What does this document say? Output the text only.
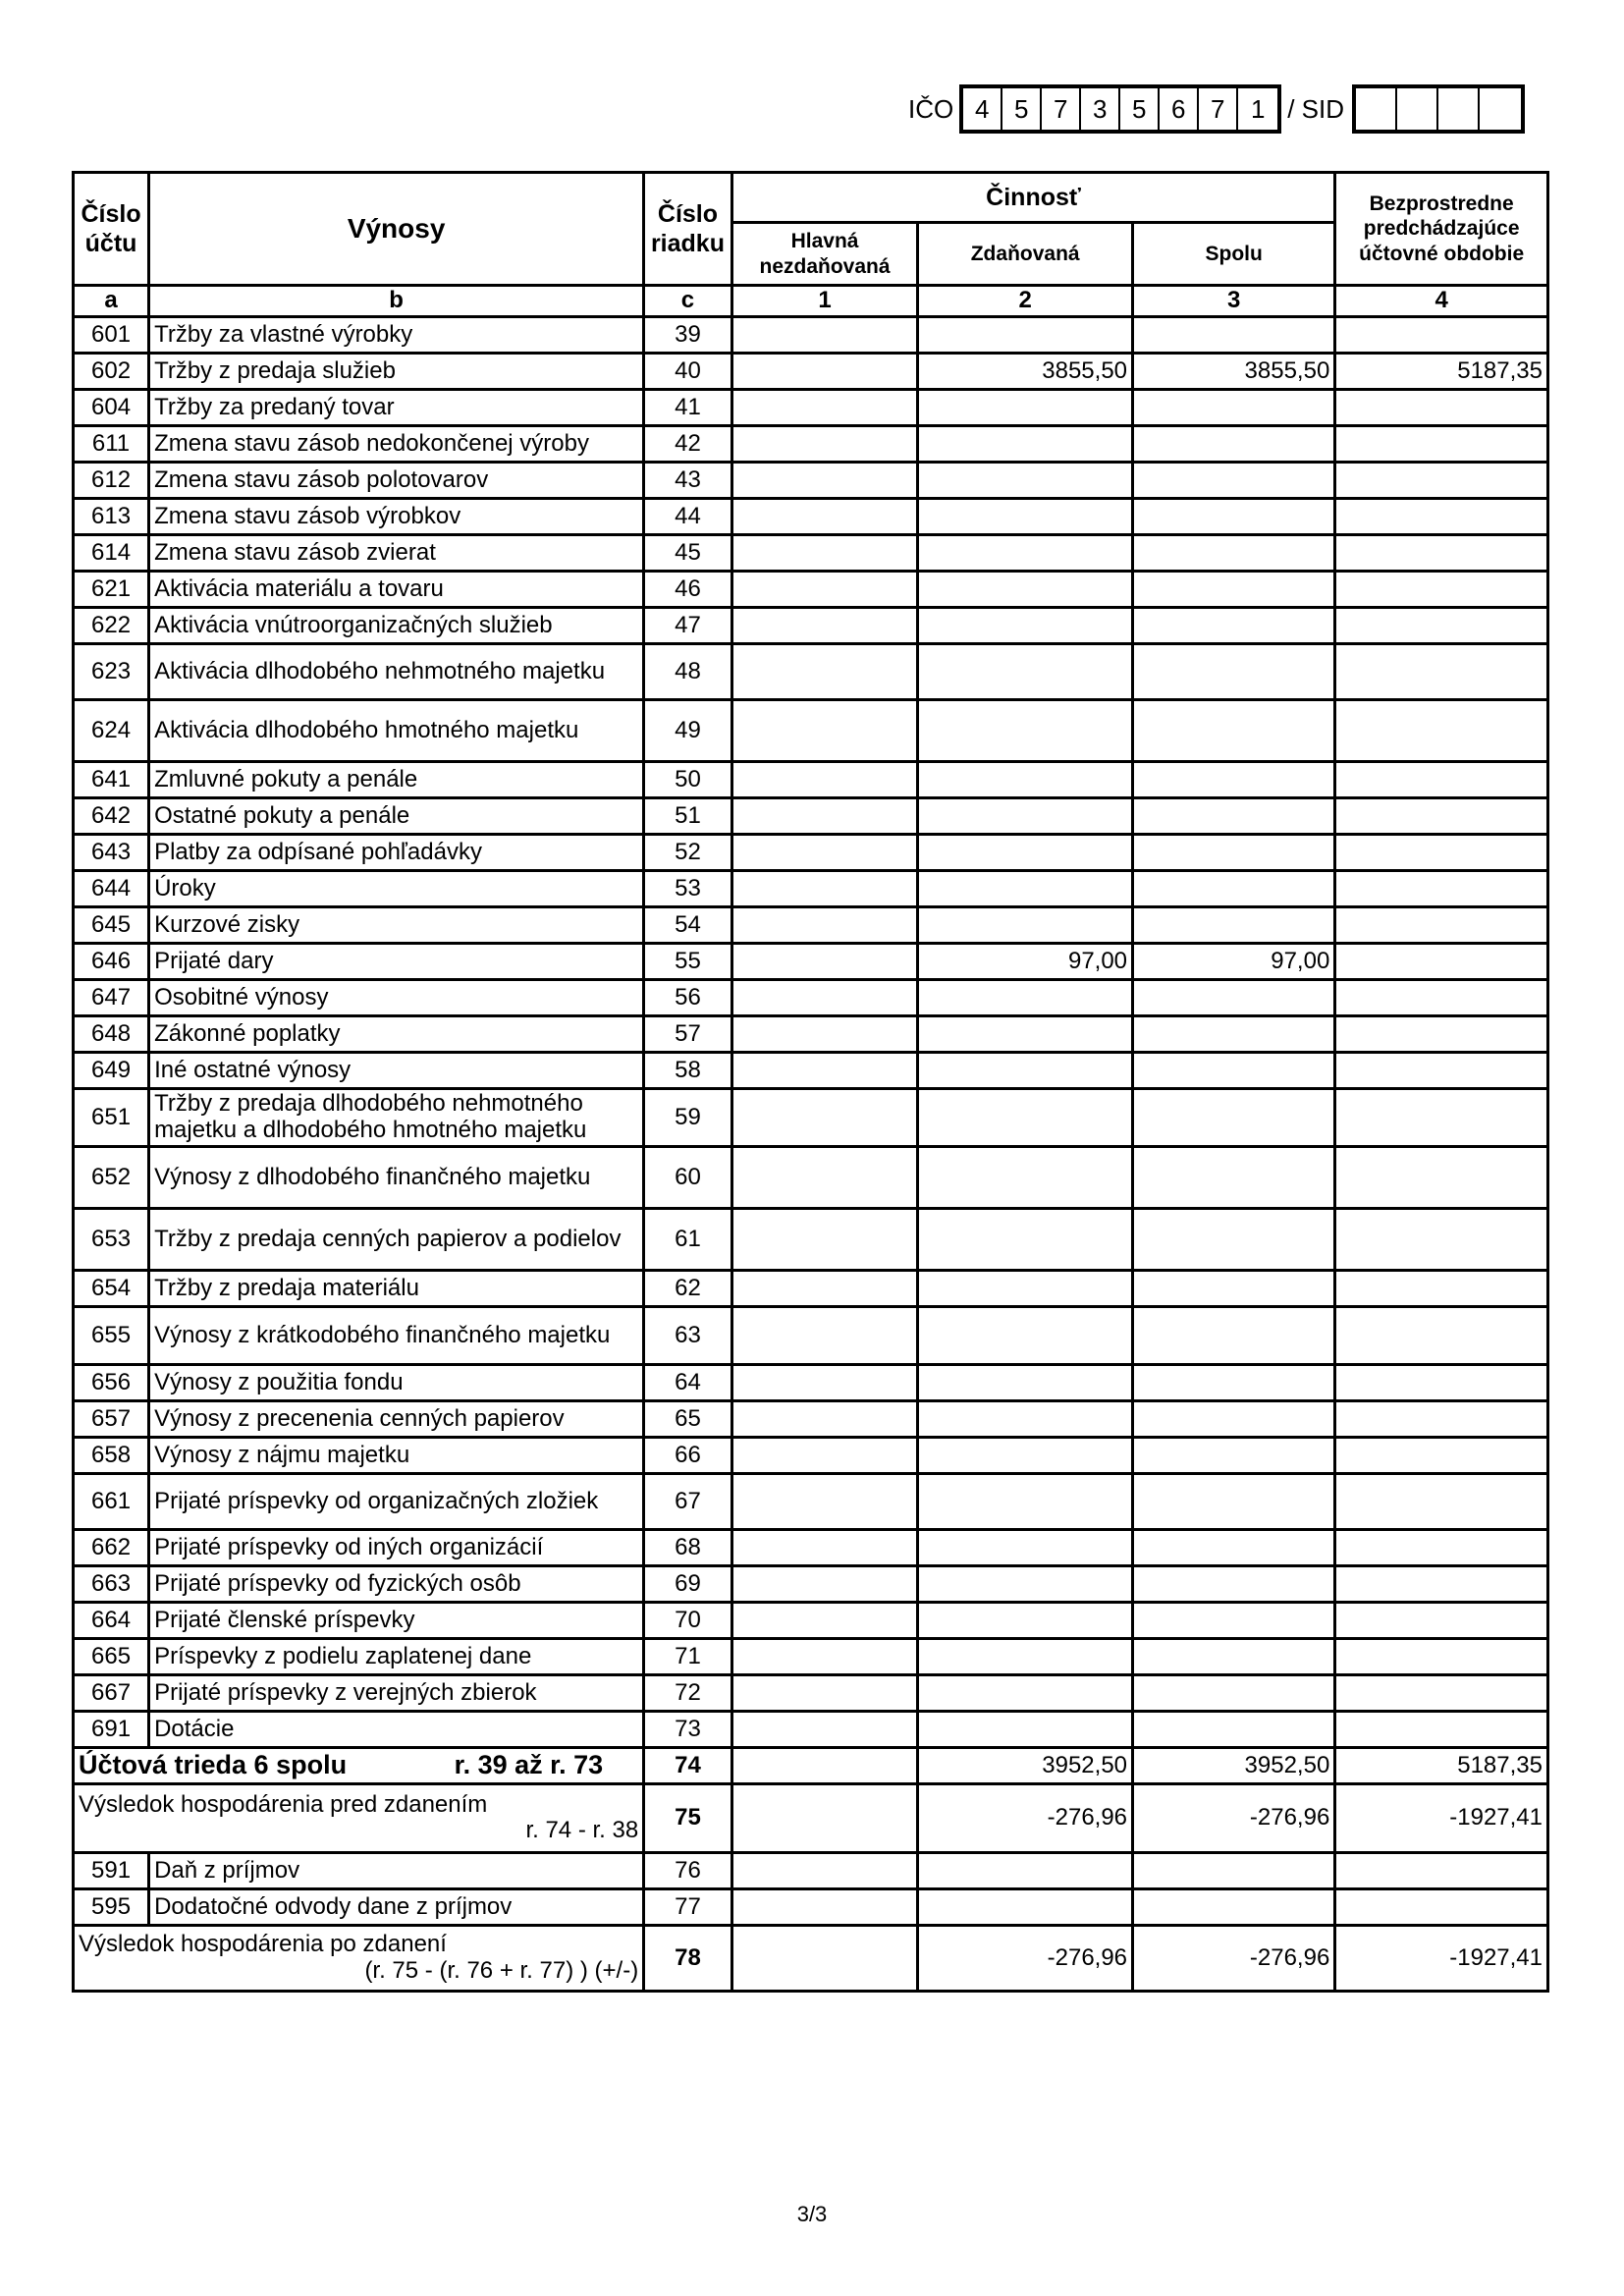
IČO 4 5 7 3 5 6 7	1 / SID
Číslo účtu	Výnosy	Číslo riadku	Činnosť			Bezprostredne predchádzajúce účtovné obdobie
			Hlavná nezdaňovaná	Zdaňovaná	Spolu	
a	b	c	1	2	3	4
601	Tržby za vlastné výrobky	39				
602	Tržby z predaja služieb	40		3855,50	3855,50	5187,35
604	Tržby za predaný tovar	41				
611	Zmena stavu zásob nedokončenej výroby	42				
612	Zmena stavu zásob polotovarov	43				
613	Zmena stavu zásob výrobkov	44				
614	Zmena stavu zásob zvierat	45				
621	Aktivácia materiálu a tovaru	46				
622	Aktivácia vnútroorganizačných služieb	47				
623	Aktivácia dlhodobého nehmotného majetku	48				
624	Aktivácia dlhodobého hmotného majetku	49				
641	Zmluvné pokuty a penále	50				
642	Ostatné pokuty a penále	51				
643	Platby za odpísané pohľadávky	52				
644	Úroky	53				
645	Kurzové zisky	54				
646	Prijaté dary	55		97,00	97,00	
647	Osobitné výnosy	56				
648	Zákonné poplatky	57				
649	Iné ostatné výnosy	58				
651	Tržby z predaja dlhodobého nehmotného majetku a dlhodobého hmotného majetku	59				
652	Výnosy z dlhodobého finančného majetku	60				
653	Tržby z predaja cenných papierov a podielov	61				
654	Tržby z predaja materiálu	62				
655	Výnosy z krátkodobého finančného majetku	63				
656	Výnosy z použitia fondu	64				
657	Výnosy z precenenia cenných papierov	65				
658	Výnosy z nájmu majetku	66				
661	Prijaté príspevky od organizačných zložiek	67				
662	Prijaté príspevky od iných organizácií	68				
663	Prijaté príspevky od fyzických osôb	69				
664	Prijaté členské príspevky	70				
665	Príspevky z podielu zaplatenej dane	71				
667	Prijaté príspevky z verejných zbierok	72				
691	Dotácie	73				

Účtová trieda 6 spolu r. 39 až r. 73		74		3952,50	3952,50	5187,35

Výsledok hospodárenia pred zdanením
r. 74 - r. 38		75		-276,96	-276,96	-1927,41
591	Daň z príjmov	76				
595	Dodatočné odvody dane z príjmov	77				

Výsledok hospodárenia po zdanení
(r. 75 - (r. 76 + r. 77) ) (+/-)		78		-276,96	-276,96	-1927,41
3/3
